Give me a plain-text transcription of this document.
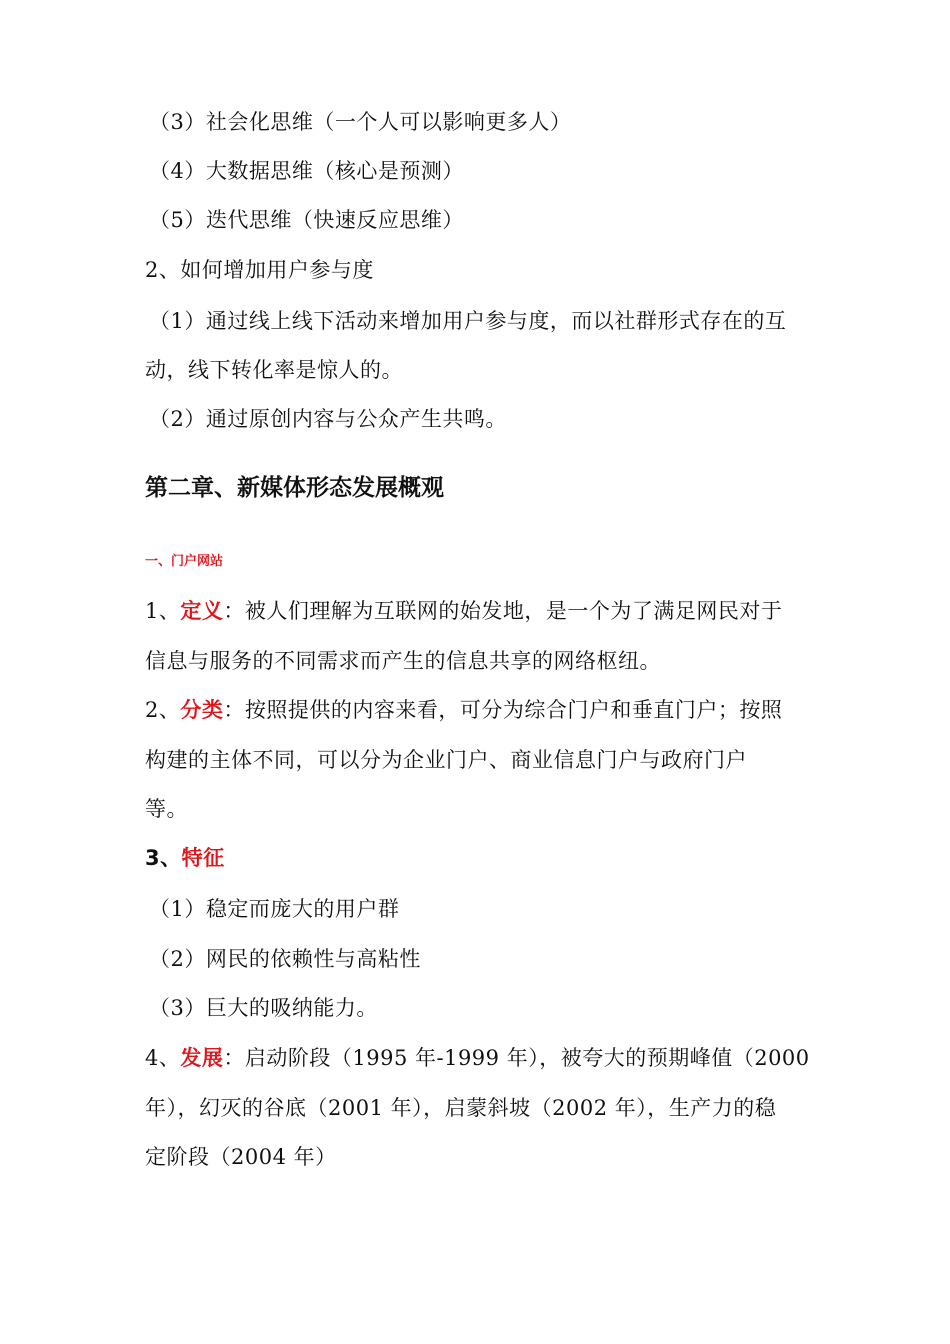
（3）社会化思维（一个人可以影响更多人）
（4）大数据思维（核心是预测）
（5）迭代思维（快速反应思维）
2、如何增加用户参与度
（1）通过线上线下活动来增加用户参与度，而以社群形式存在的互
动，线下转化率是惊人的。
（2）通过原创内容与公众产生共鸣。
第二章、新媒体形态发展概观
一、门户网站
1、定义：被人们理解为互联网的始发地，是一个为了满足网民对于
信息与服务的不同需求而产生的信息共享的网络枢纽。
2、分类：按照提供的内容来看，可分为综合门户和垂直门户；按照
构建的主体不同，可以分为企业门户、商业信息门户与政府门户
等。
3、特征
（1）稳定而庞大的用户群
（2）网民的依赖性与高粘性
（3）巨大的吸纳能力。
4、发展：启动阶段（1995 年-1999 年），被夸大的预期峰值（2000
年），幻灭的谷底（2001 年），启蒙斜坡（2002 年），生产力的稳
定阶段（2004 年）
